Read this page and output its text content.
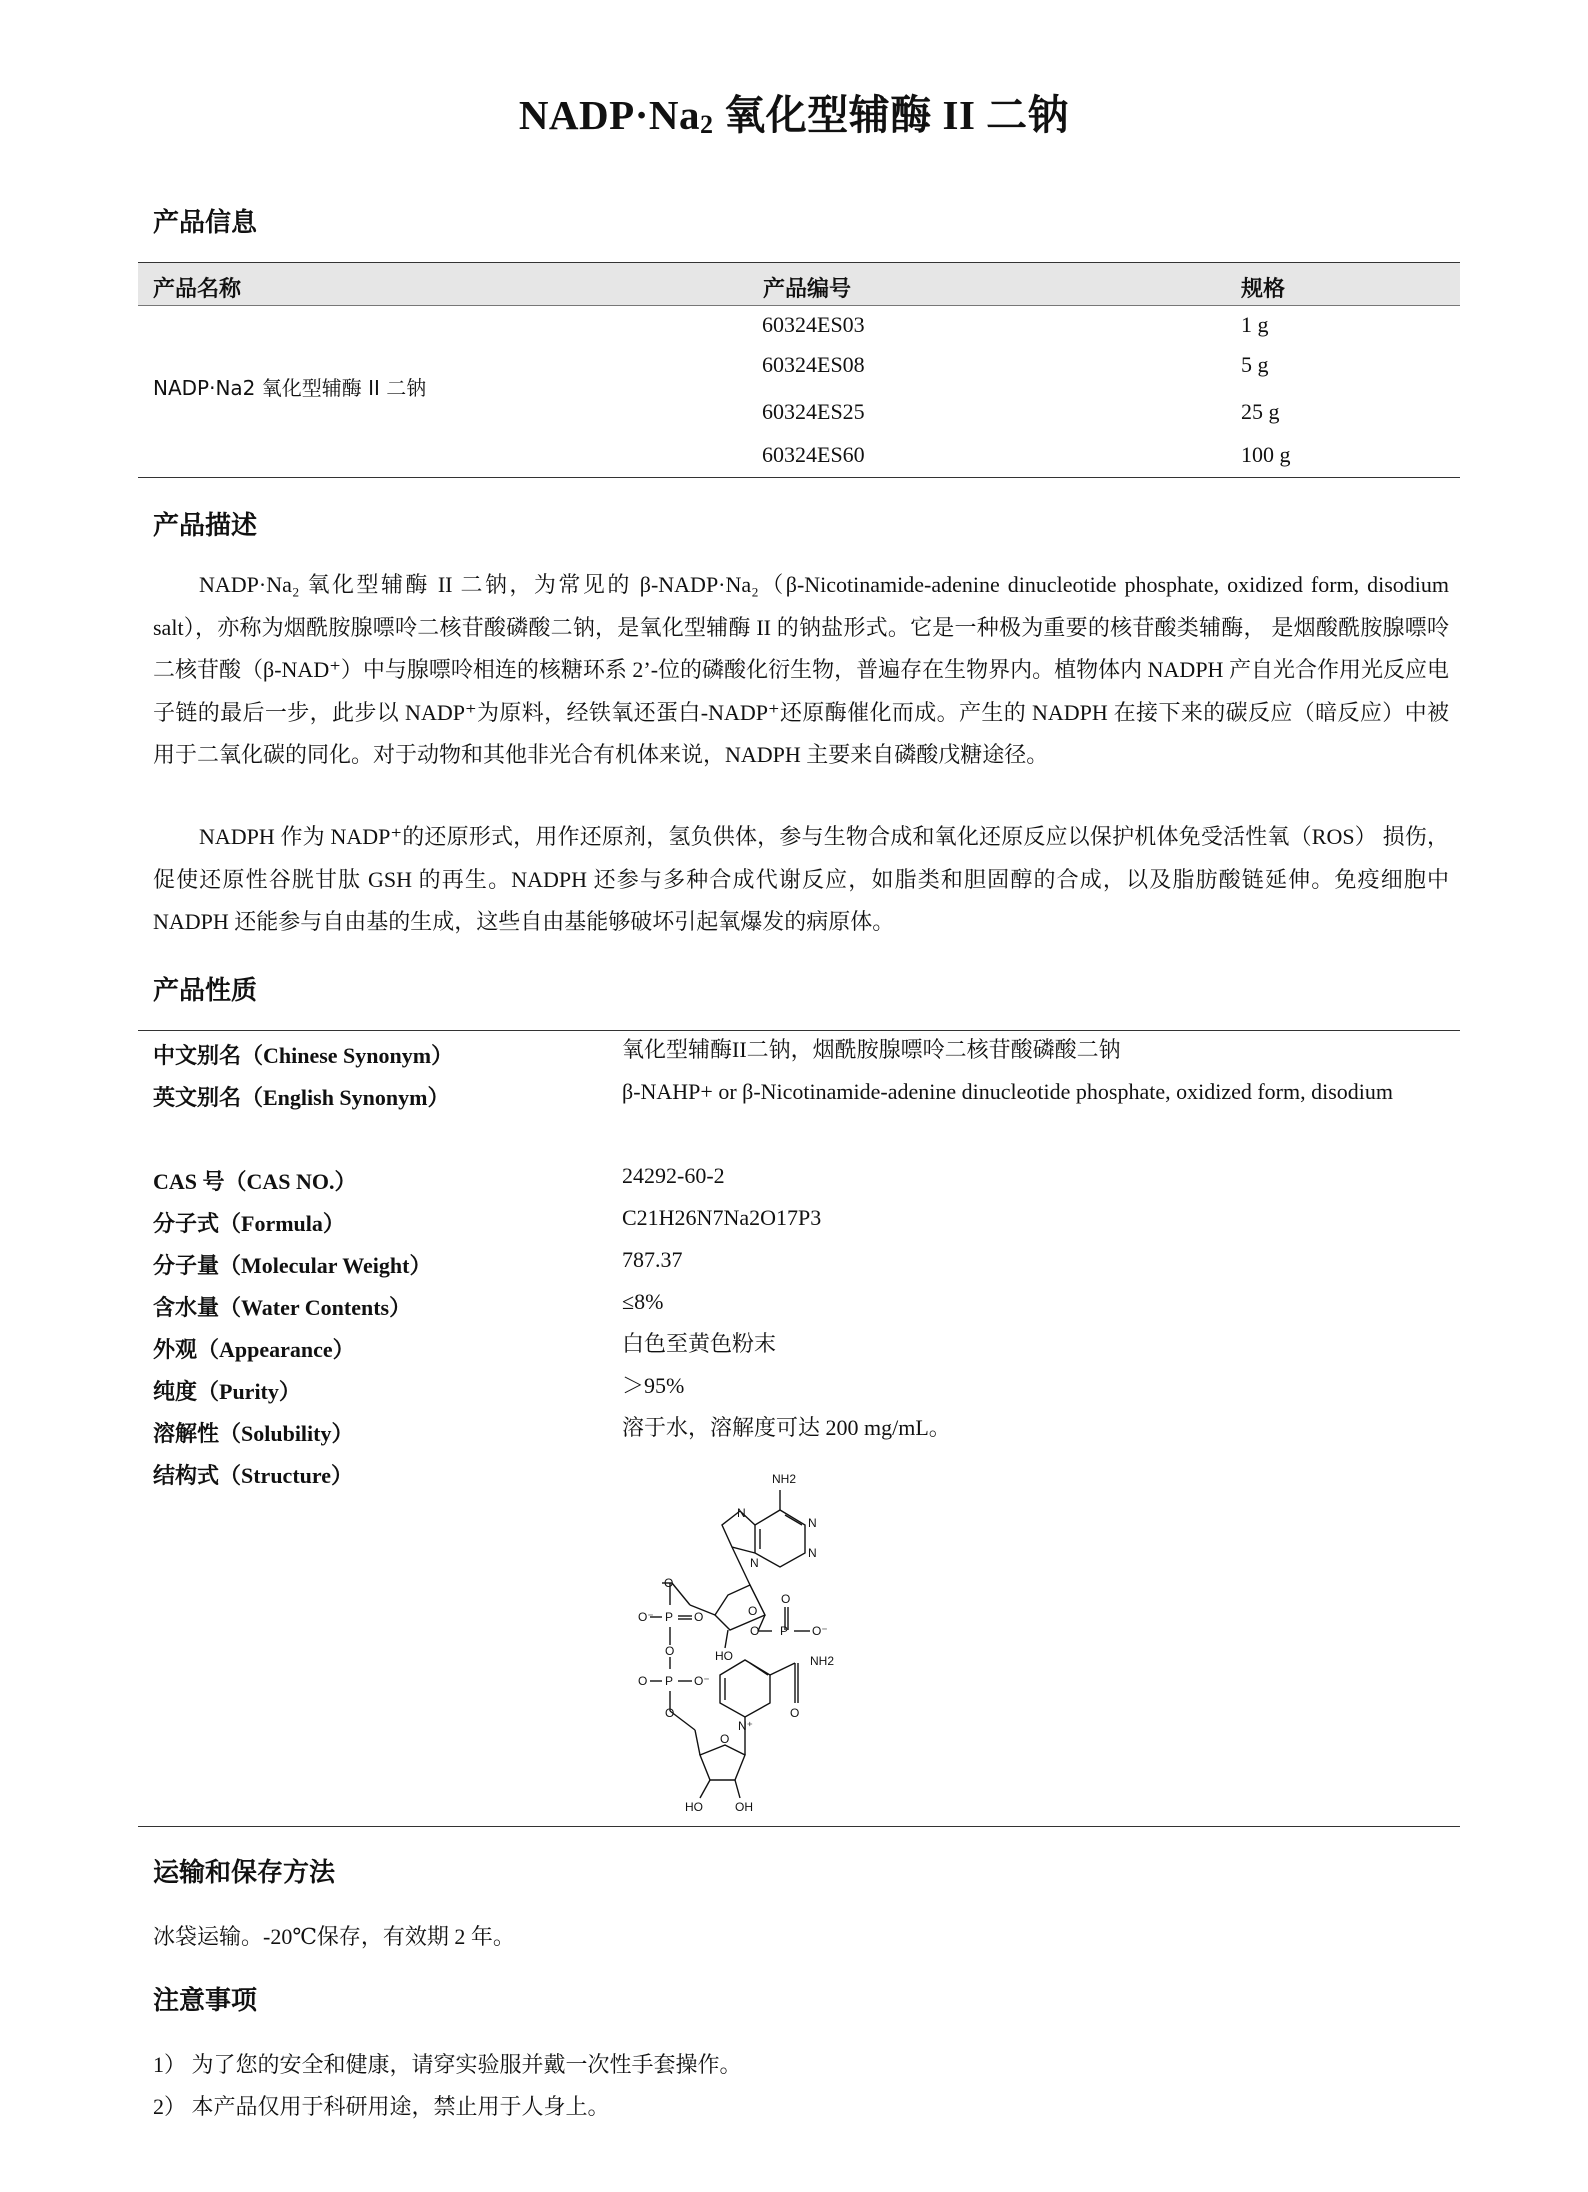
$NADP\cdot Na_2$ 氧化型辅酶 II 二钠
产品信息
产品名称	产品编号	规格
NADP·Na2 氧化型辅酶 II 二钠
60324ES03	1 g
60324ES08	5 g
60324ES25	25 g
60324ES60	100 g
产品描述
NADP·Na₂ 氧化型辅酶 II 二钠，为常见的 β-NADP·Na₂（β-Nicotinamide-adenine dinucleotide phosphate, oxidized form, disodium salt），亦称为烟酰胺腺嘌呤二核苷酸磷酸二钠，是氧化型辅酶 II 的钠盐形式。它是一种极为重要的核苷酸类辅酶， 是烟酸酰胺腺嘌呤二核苷酸（β-NAD⁺）中与腺嘌呤相连的核糖环系 2’-位的磷酸化衍生物，普遍存在生物界内。植物体内 NADPH 产自光合作用光反应电子链的最后一步，此步以 NADP⁺为原料，经铁氧还蛋白-NADP⁺还原酶催化而成。产生的 NADPH 在接下来的碳反应（暗反应）中被用于二氧化碳的同化。对于动物和其他非光合有机体来说，NADPH 主要来自磷酸戊糖途径。
NADPH 作为 NADP⁺的还原形式，用作还原剂，氢负供体，参与生物合成和氧化还原反应以保护机体免受活性氧（ROS） 损伤，促使还原性谷胱甘肽 GSH 的再生。NADPH 还参与多种合成代谢反应，如脂类和胆固醇的合成，以及脂肪酸链延伸。免疫细胞中 NADPH 还能参与自由基的生成，这些自由基能够破坏引起氧爆发的病原体。
产品性质
中文别名（Chinese Synonym）	氧化型辅酶II二钠，烟酰胺腺嘌呤二核苷酸磷酸二钠
英文别名（English Synonym）	β-NAHP+ or β-Nicotinamide-adenine dinucleotide phosphate, oxidized form, disodium
CAS 号（CAS NO.）	24292-60-2
分子式（Formula）	C21H26N7Na2O17P3
分子量（Molecular Weight）	787.37
含水量（Water Contents）	≤8%
外观（Appearance）	白色至黄色粉末
纯度（Purity）	＞95%
溶解性（Solubility）	溶于水，溶解度可达 200 mg/mL。
结构式（Structure）	NH2
N
N
N
N
O
O⁻ P O
O
O P O⁻
O
O
HO
O P O⁻
O
NH2
O
N⁺
O
HO	OH
运输和保存方法
冰袋运输。-20℃保存，有效期 2 年。
注意事项
1） 为了您的安全和健康，请穿实验服并戴一次性手套操作。
2） 本产品仅用于科研用途，禁止用于人身上。
